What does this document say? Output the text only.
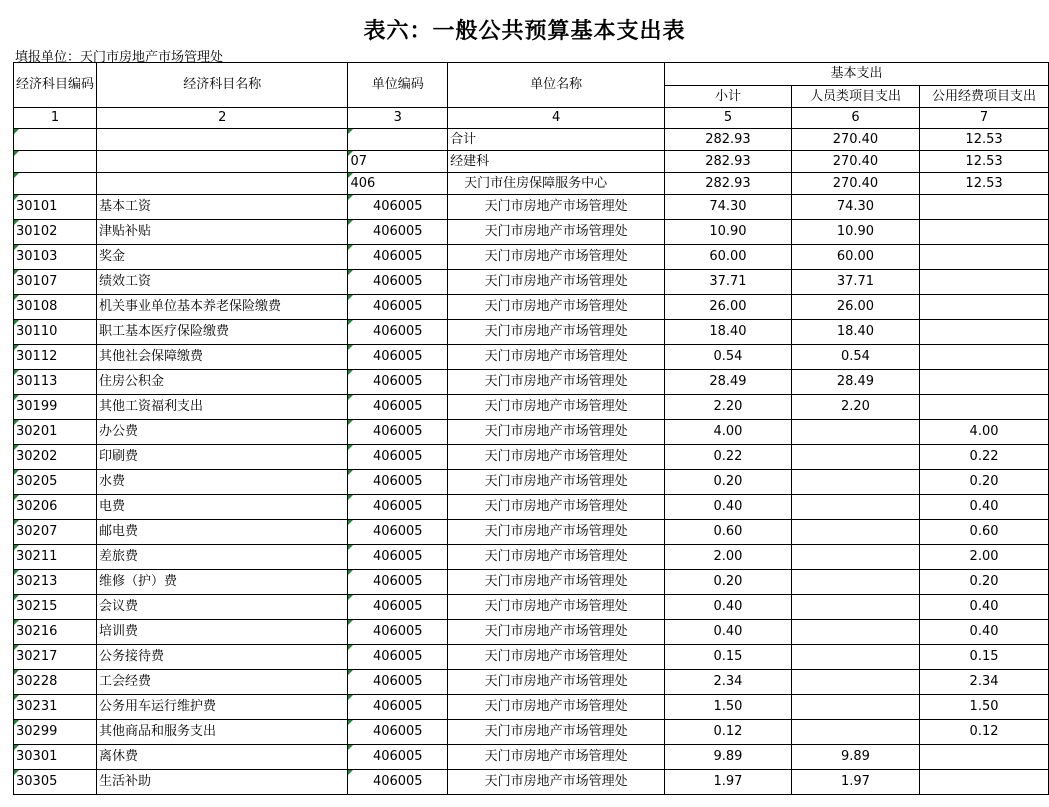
表六：一般公共预算基本支出表
填报单位：天门市房地产市场管理处
经济科目编码	经济科目名称	单位编码	单位名称	基本支出		
				小计	人员类项目支出	公用经费项目支出
1	2	3	4	5	6	7
			合计	282.93	270.40	12.53
		07	经建科	282.93	270.40	12.53
		406	天门市住房保障服务中心	282.93	270.40	12.53
30101	基本工资	406005	天门市房地产市场管理处	74.30	74.30	
30102	津贴补贴	406005	天门市房地产市场管理处	10.90	10.90	
30103	奖金	406005	天门市房地产市场管理处	60.00	60.00	
30107	绩效工资	406005	天门市房地产市场管理处	37.71	37.71	
30108	机关事业单位基本养老保险缴费	406005	天门市房地产市场管理处	26.00	26.00	
30110	职工基本医疗保险缴费	406005	天门市房地产市场管理处	18.40	18.40	
30112	其他社会保障缴费	406005	天门市房地产市场管理处	0.54	0.54	
30113	住房公积金	406005	天门市房地产市场管理处	28.49	28.49	
30199	其他工资福利支出	406005	天门市房地产市场管理处	2.20	2.20	
30201	办公费	406005	天门市房地产市场管理处	4.00		4.00
30202	印刷费	406005	天门市房地产市场管理处	0.22		0.22
30205	水费	406005	天门市房地产市场管理处	0.20		0.20
30206	电费	406005	天门市房地产市场管理处	0.40		0.40
30207	邮电费	406005	天门市房地产市场管理处	0.60		0.60
30211	差旅费	406005	天门市房地产市场管理处	2.00		2.00
30213	维修（护）费	406005	天门市房地产市场管理处	0.20		0.20
30215	会议费	406005	天门市房地产市场管理处	0.40		0.40
30216	培训费	406005	天门市房地产市场管理处	0.40		0.40
30217	公务接待费	406005	天门市房地产市场管理处	0.15		0.15
30228	工会经费	406005	天门市房地产市场管理处	2.34		2.34
30231	公务用车运行维护费	406005	天门市房地产市场管理处	1.50		1.50
30299	其他商品和服务支出	406005	天门市房地产市场管理处	0.12		0.12
30301	离休费	406005	天门市房地产市场管理处	9.89	9.89	
30305	生活补助	406005	天门市房地产市场管理处	1.97	1.97	
